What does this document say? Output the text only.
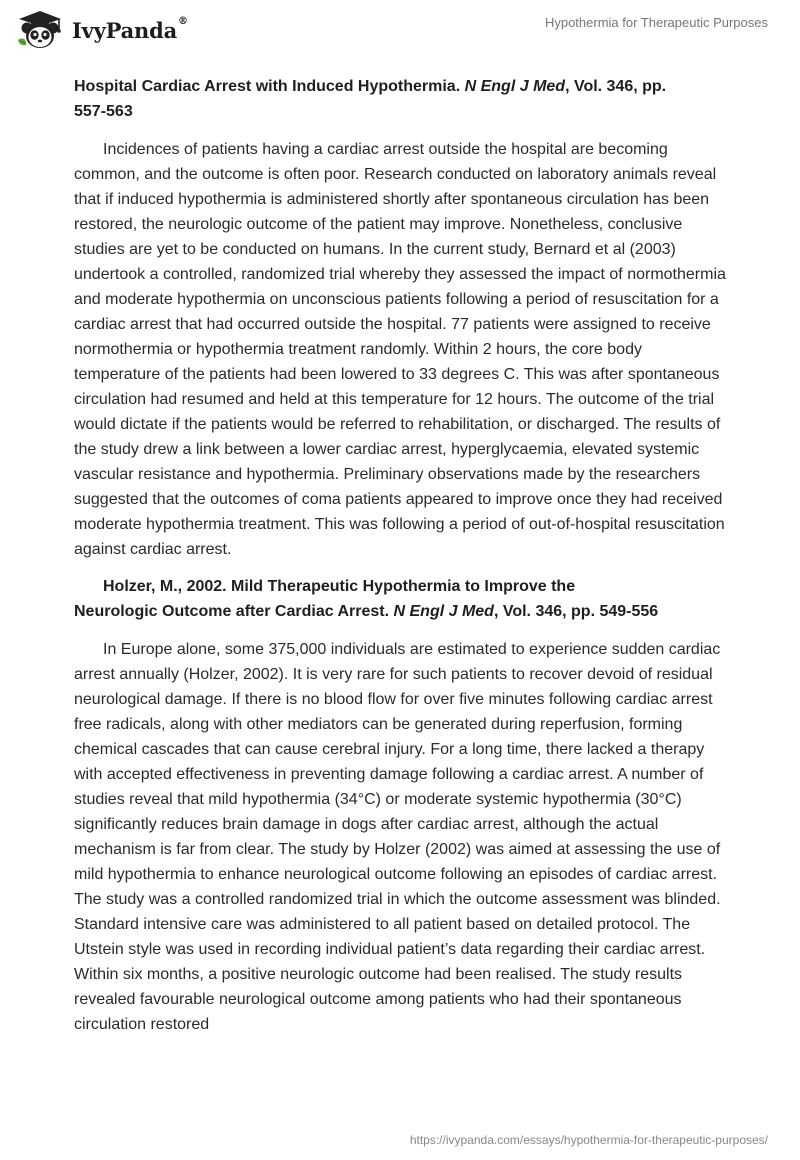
IvyPanda®	Hypothermia for Therapeutic Purposes

Hospital Cardiac Arrest with Induced Hypothermia. N Engl J Med, Vol. 346, pp.
557-563

Incidences of patients having a cardiac arrest outside the hospital are becoming common, and the outcome is often poor. Research conducted on laboratory animals reveal that if induced hypothermia is administered shortly after spontaneous circulation has been restored, the neurologic outcome of the patient may improve. Nonetheless, conclusive studies are yet to be conducted on humans. In the current study, Bernard et al (2003) undertook a controlled, randomized trial whereby they assessed the impact of normothermia and moderate hypothermia on unconscious patients following a period of resuscitation for a cardiac arrest that had occurred outside the hospital. 77 patients were assigned to receive normothermia or hypothermia treatment randomly. Within 2 hours, the core body temperature of the patients had been lowered to 33 degrees C. This was after spontaneous circulation had resumed and held at this temperature for 12 hours. The outcome of the trial would dictate if the patients would be referred to rehabilitation, or discharged. The results of the study drew a link between a lower cardiac arrest, hyperglycaemia, elevated systemic vascular resistance and hypothermia. Preliminary observations made by the researchers suggested that the outcomes of coma patients appeared to improve once they had received moderate hypothermia treatment. This was following a period of out-of-hospital resuscitation against cardiac arrest.

Holzer, M., 2002. Mild Therapeutic Hypothermia to Improve the
Neurologic Outcome after Cardiac Arrest. N Engl J Med, Vol. 346, pp. 549-556

In Europe alone, some 375,000 individuals are estimated to experience sudden cardiac arrest annually (Holzer, 2002). It is very rare for such patients to recover devoid of residual neurological damage. If there is no blood flow for over five minutes following cardiac arrest free radicals, along with other mediators can be generated during reperfusion, forming chemical cascades that can cause cerebral injury. For a long time, there lacked a therapy with accepted effectiveness in preventing damage following a cardiac arrest. A number of studies reveal that mild hypothermia (34°C) or moderate systemic hypothermia (30°C) significantly reduces brain damage in dogs after cardiac arrest, although the actual mechanism is far from clear. The study by Holzer (2002) was aimed at assessing the use of mild hypothermia to enhance neurological outcome following an episodes of cardiac arrest. The study was a controlled randomized trial in which the outcome assessment was blinded. Standard intensive care was administered to all patient based on detailed protocol. The Utstein style was used in recording individual patient’s data regarding their cardiac arrest. Within six months, a positive neurologic outcome had been realised. The study results revealed favourable neurological outcome among patients who had their spontaneous circulation restored

https://ivypanda.com/essays/hypothermia-for-therapeutic-purposes/
